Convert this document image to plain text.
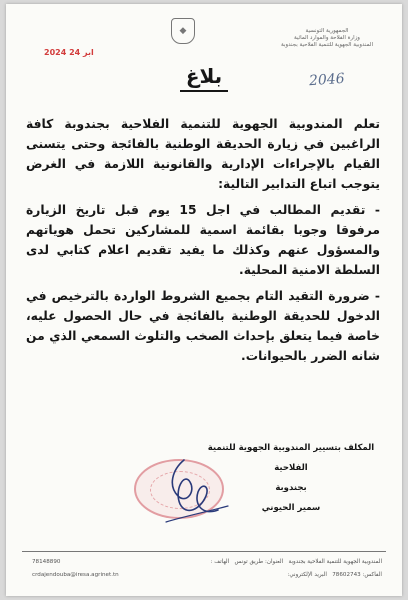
◆	الجمهورية التونسية
وزارة الفلاحة والموارد المائية
المندوبية الجهوية للتنمية الفلاحية بجندوبة
2024 ابر 24
2046
بلاغ

تعلم المندوبية الجهوية للتنمية الفلاحية بجندوبة كافة الراغبين في زيارة الحديقة الوطنية بالفائجة وحتى يتسنى القيام بالإجراءات الإدارية والقانونية اللازمة في الغرض يتوجب اتباع التدابير التالية:

- تقديم المطالب في اجل 15 يوم قبل تاريخ الزيارة مرفوقا وجوبا بقائمة اسمية للمشاركين تحمل هوياتهم والمسؤول عنهم وكذلك ما يفيد تقديم اعلام كتابي لدى السلطة الامنية المحلية.

- ضرورة التقيد التام بجميع الشروط الواردة بالترخيص في الدخول للحديقة الوطنية بالفائجة في حال الحصول عليه، خاصة فيما يتعلق بإحداث الصخب والتلوث السمعي الذي من شانه الضرر بالحيوانات.

المكلف بتسيير المندوبية الجهوية للتنمية الفلاحية
بجندوبة
سمير الحيوني
المندوبية الجهوية للتنمية الفلاحية بجندوبة   العنوان: طريق تونس   الهاتف :
الفاكس: 78602743   البريد الإلكتروني:
78148890
crdajendouba@iresa.agrinet.tn
